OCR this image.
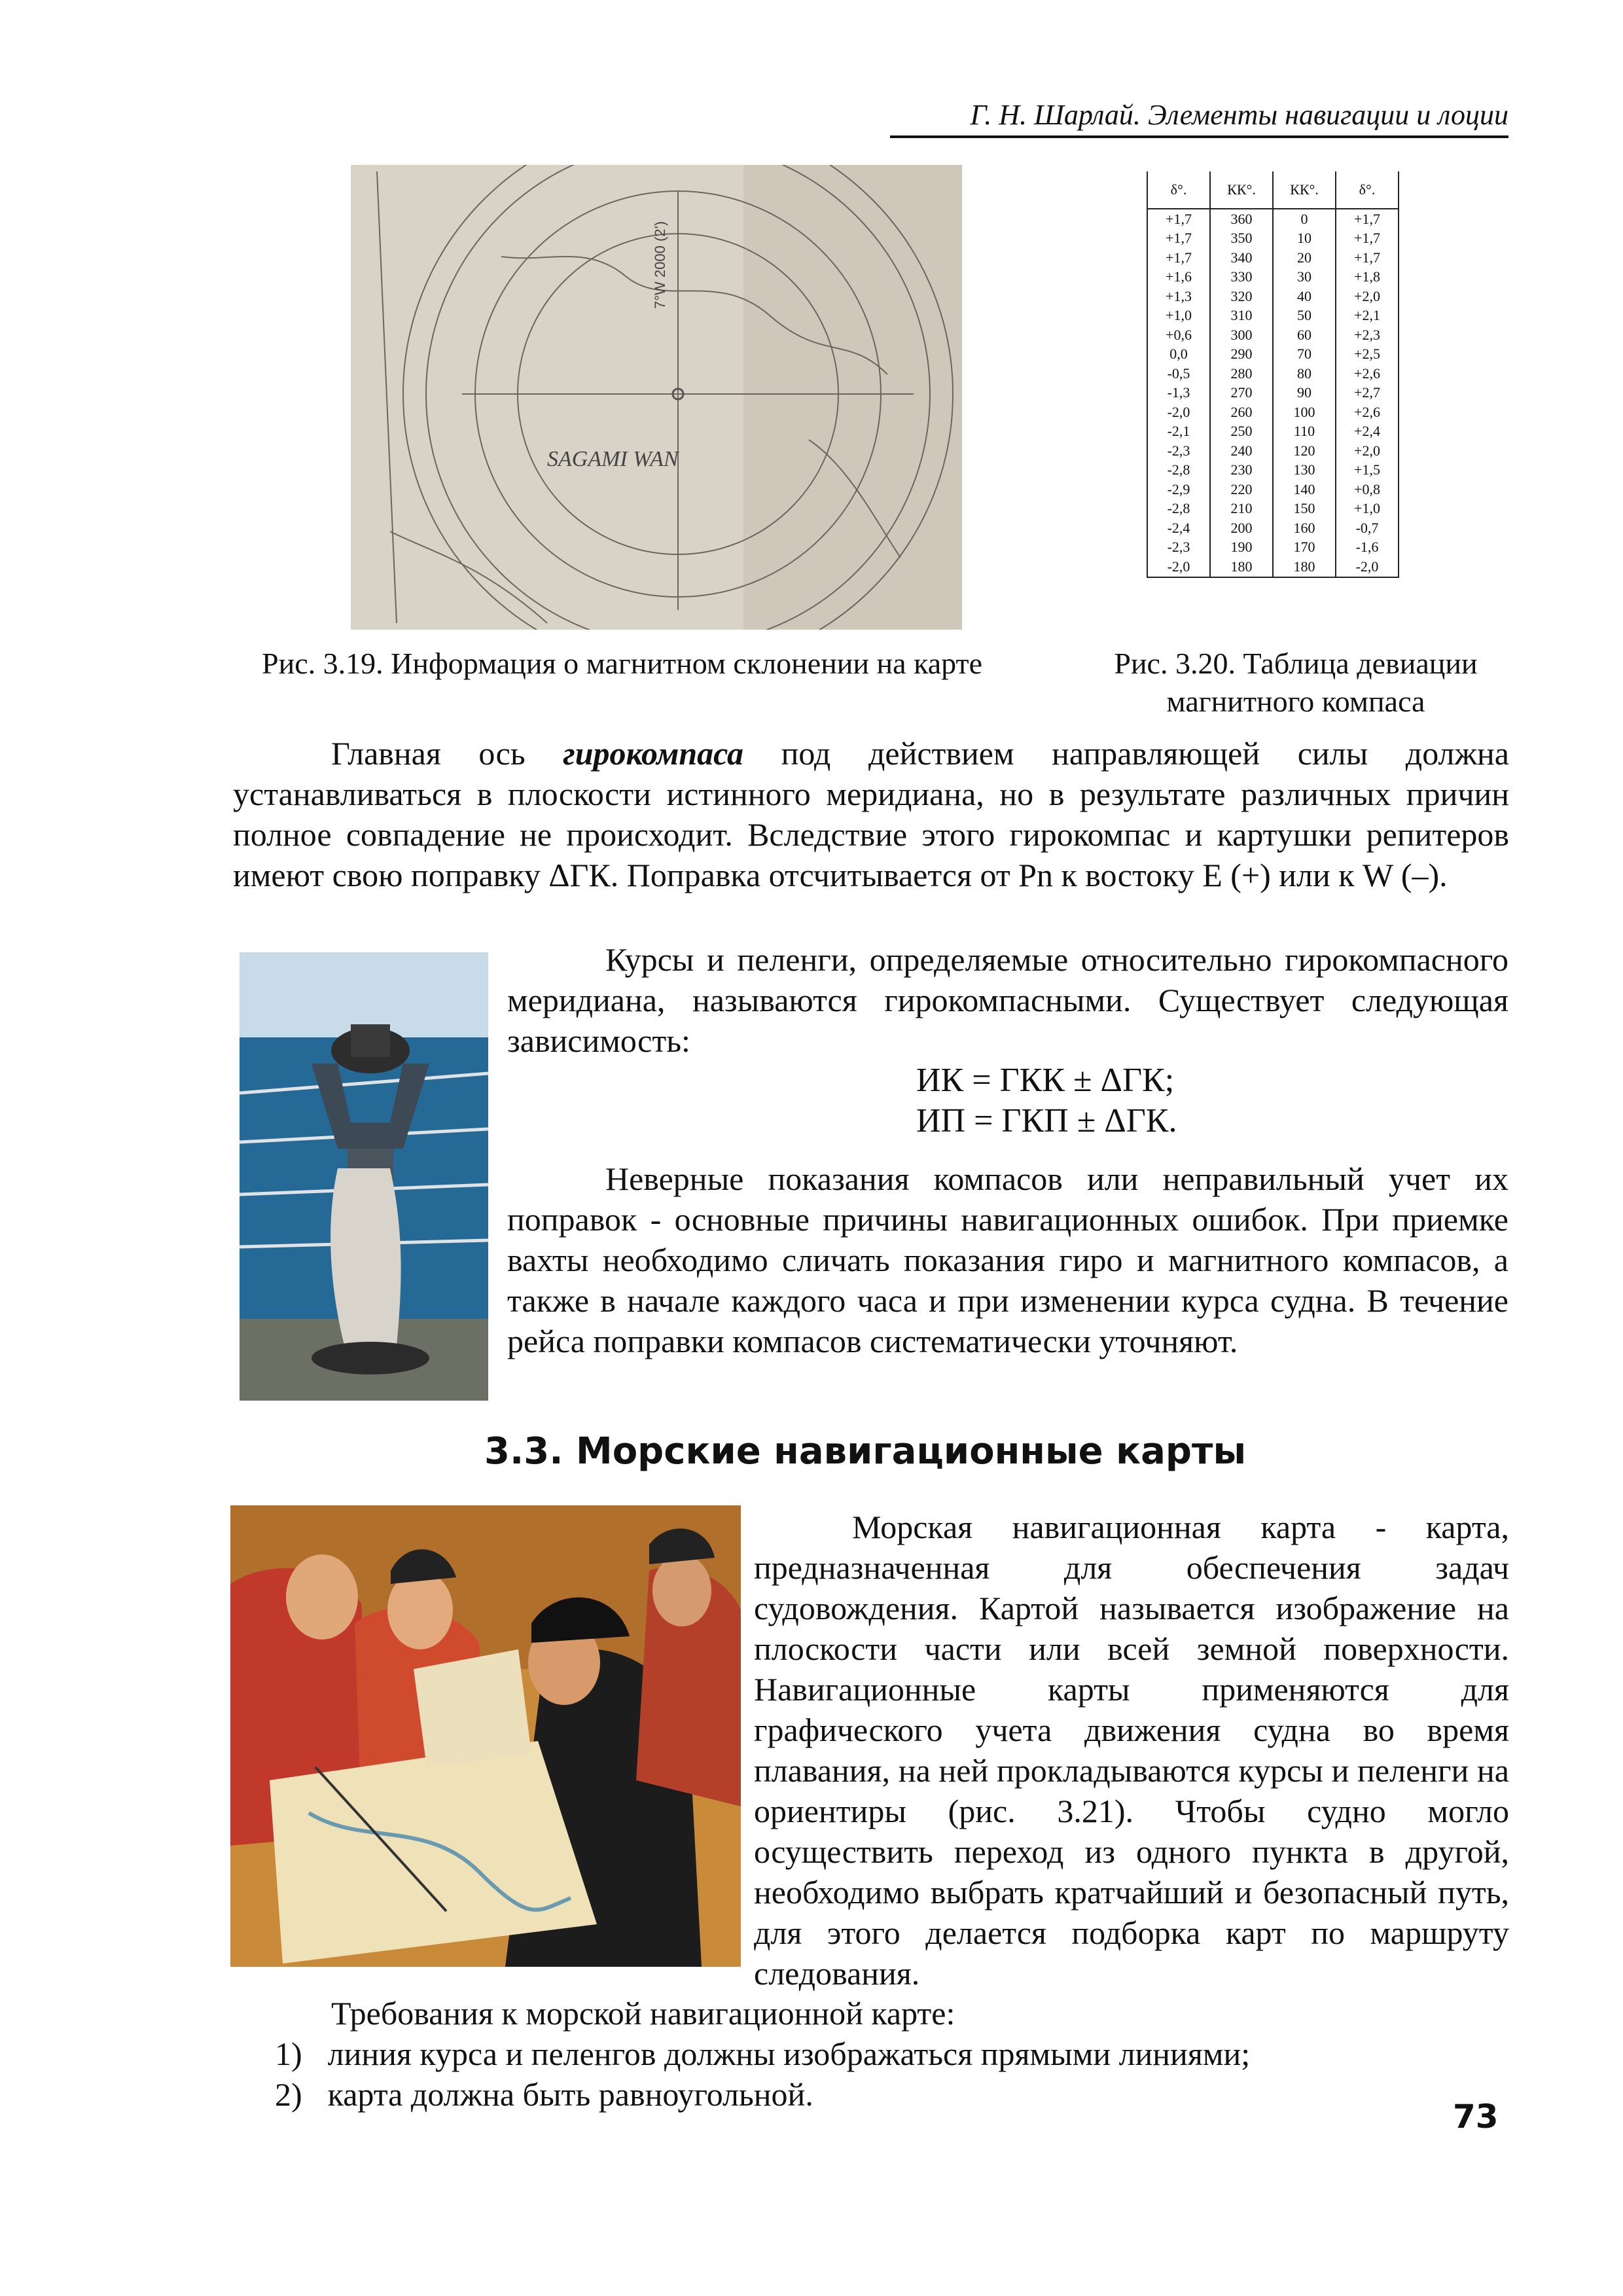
Г. Н. Шарлай. Элементы навигации и лоции
SAGAMI WAN
7°W 2000 (2')
Рис. 3.19. Информация о магнитном склонении на карте
δ°.	КК°.	КК°.	δ°.
+1,7	360	0	+1,7
+1,7	350	10	+1,7
+1,7	340	20	+1,7
+1,6	330	30	+1,8
+1,3	320	40	+2,0
+1,0	310	50	+2,1
+0,6	300	60	+2,3
0,0	290	70	+2,5
-0,5	280	80	+2,6
-1,3	270	90	+2,7
-2,0	260	100	+2,6
-2,1	250	110	+2,4
-2,3	240	120	+2,0
-2,8	230	130	+1,5
-2,9	220	140	+0,8
-2,8	210	150	+1,0
-2,4	200	160	-0,7
-2,3	190	170	-1,6
-2,0	180	180	-2,0
Рис. 3.20. Таблица девиации магнитного компаса
Главная ось гирокомпаса под действием направляющей силы должна устанавливаться в плоскости истинного меридиана, но в результате различных причин полное совпадение не происходит. Вследствие этого гирокомпас и картушки репитеров имеют свою поправку ΔГК. Поправка отсчитывается от Pn к востоку E (+) или к W (–).
Курсы и пеленги, определяемые относительно гирокомпасного меридиана, называются гирокомпасными. Существует следующая зависимость:
ИК = ГКК ± ΔГК;
ИП = ГКП ± ΔГК.
Неверные показания компасов или неправильный учет их поправок - основные причины навигационных ошибок. При приемке вахты необходимо сличать показания гиро и магнитного компасов, а также в начале каждого часа и при изменении курса судна. В течение рейса поправки компасов систематически уточняют.
3.3. Морские навигационные карты
Морская навигационная карта - карта, предназначенная для обеспечения задач судовождения. Картой называется изображение на плоскости части или всей земной поверхности. Навигационные карты применяются для графического учета движения судна во время плавания, на ней прокладываются курсы и пеленги на ориентиры (рис. 3.21). Чтобы судно могло осуществить переход из одного пункта в другой, необходимо выбрать кратчайший и безопасный путь, для этого делается подборка карт по маршруту следования.
Требования к морской навигационной карте:
1) линия курса и пеленгов должны изображаться прямыми линиями;
2) карта должна быть равноугольной.
73
